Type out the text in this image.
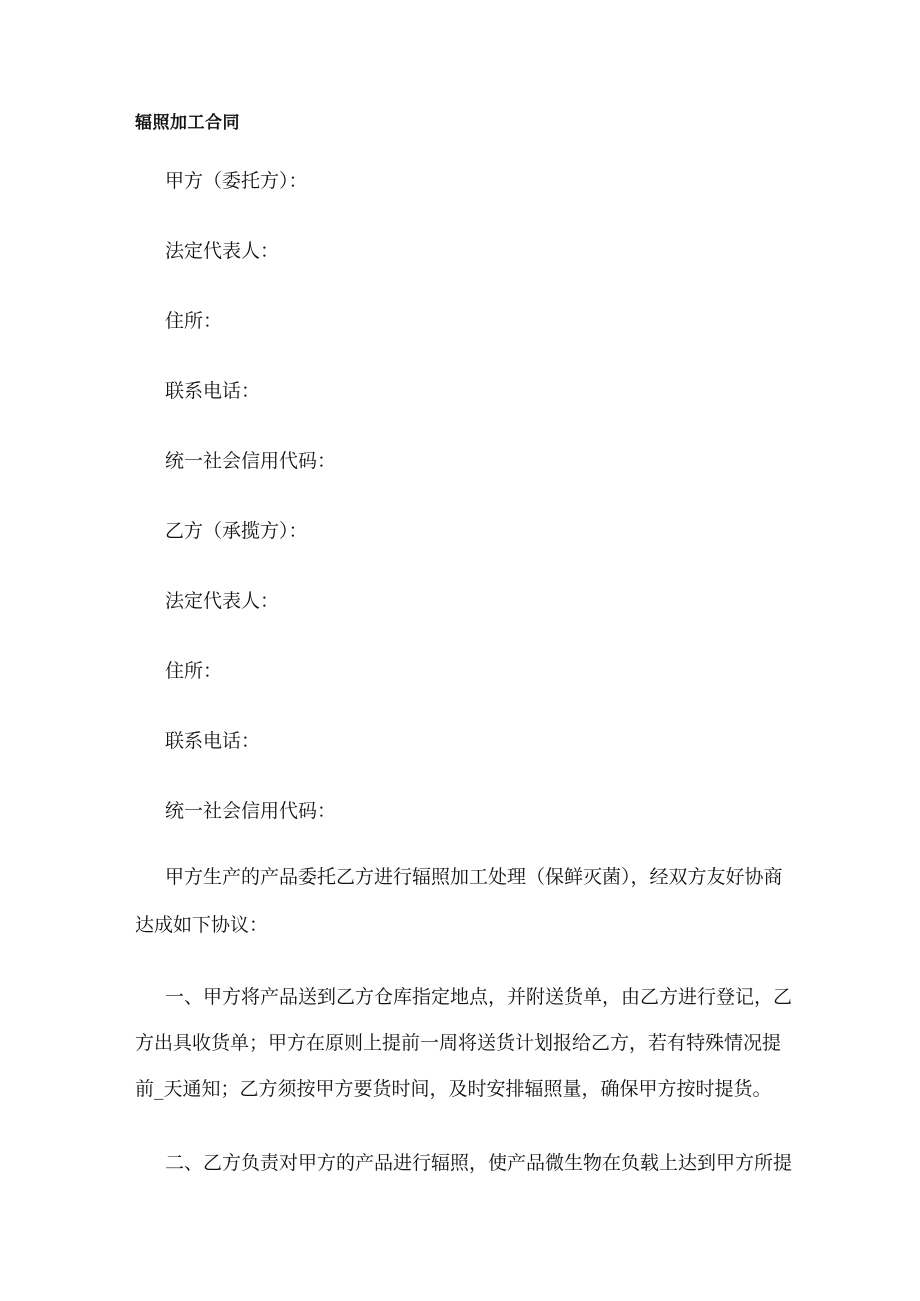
辐照加工合同
甲方（委托方）：
法定代表人：
住所：
联系电话：
统一社会信用代码：
乙方（承揽方）：
法定代表人：
住所：
联系电话：
统一社会信用代码：
甲方生产的产品委托乙方进行辐照加工处理（保鲜灭菌），经双方友好协商
达成如下协议：
一、甲方将产品送到乙方仓库指定地点，并附送货单，由乙方进行登记，乙
方出具收货单；甲方在原则上提前一周将送货计划报给乙方，若有特殊情况提
前_天通知；乙方须按甲方要货时间，及时安排辐照量，确保甲方按时提货。
二、乙方负责对甲方的产品进行辐照，使产品微生物在负载上达到甲方所提
